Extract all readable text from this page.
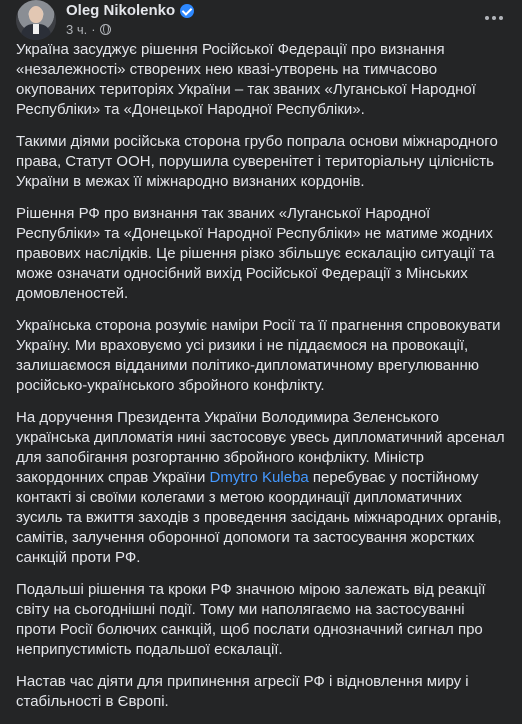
Oleg Nikolenko
3 ч. ·

Україна засуджує рішення Російської Федерації про визнання «незалежності» створених нею квазі-утворень на тимчасово окупованих територіях України – так званих «Луганської Народної Республіки» та «Донецької Народної Республіки».

Такими діями російська сторона грубо попрала основи міжнародного права, Статут ООН, порушила суверенітет і територіальну цілісність України в межах її міжнародно визнаних кордонів.

Рішення РФ про визнання так званих «Луганської Народної Республіки» та «Донецької Народної Республіки» не матиме жодних правових наслідків. Це рішення різко збільшує ескалацію ситуації та може означати односібний вихід Російської Федерації з Мінських домовленостей.

Українська сторона розуміє наміри Росії та її прагнення спровокувати Україну. Ми враховуємо усі ризики і не піддаємося на провокації, залишаємося відданими політико-дипломатичному врегулюванню російсько-українського збройного конфлікту.

На доручення Президента України Володимира Зеленського українська дипломатія нині застосовує увесь дипломатичний арсенал для запобігання розгортанню збройного конфлікту. Міністр закордонних справ України Dmytro Kuleba перебуває у постійному контакті зі своїми колегами з метою координації дипломатичних зусиль та вжиття заходів з проведення засідань міжнародних органів, самітів, залучення оборонної допомоги та застосування жорстких санкцій проти РФ.

Подальші рішення та кроки РФ значною мірою залежать від реакції світу на сьогоднішні події. Тому ми наполягаємо на застосуванні проти Росії болючих санкцій, щоб послати однозначний сигнал про неприпустимість подальшої ескалації.

Настав час діяти для припинення агресії РФ і відновлення миру і стабільності в Європі.
